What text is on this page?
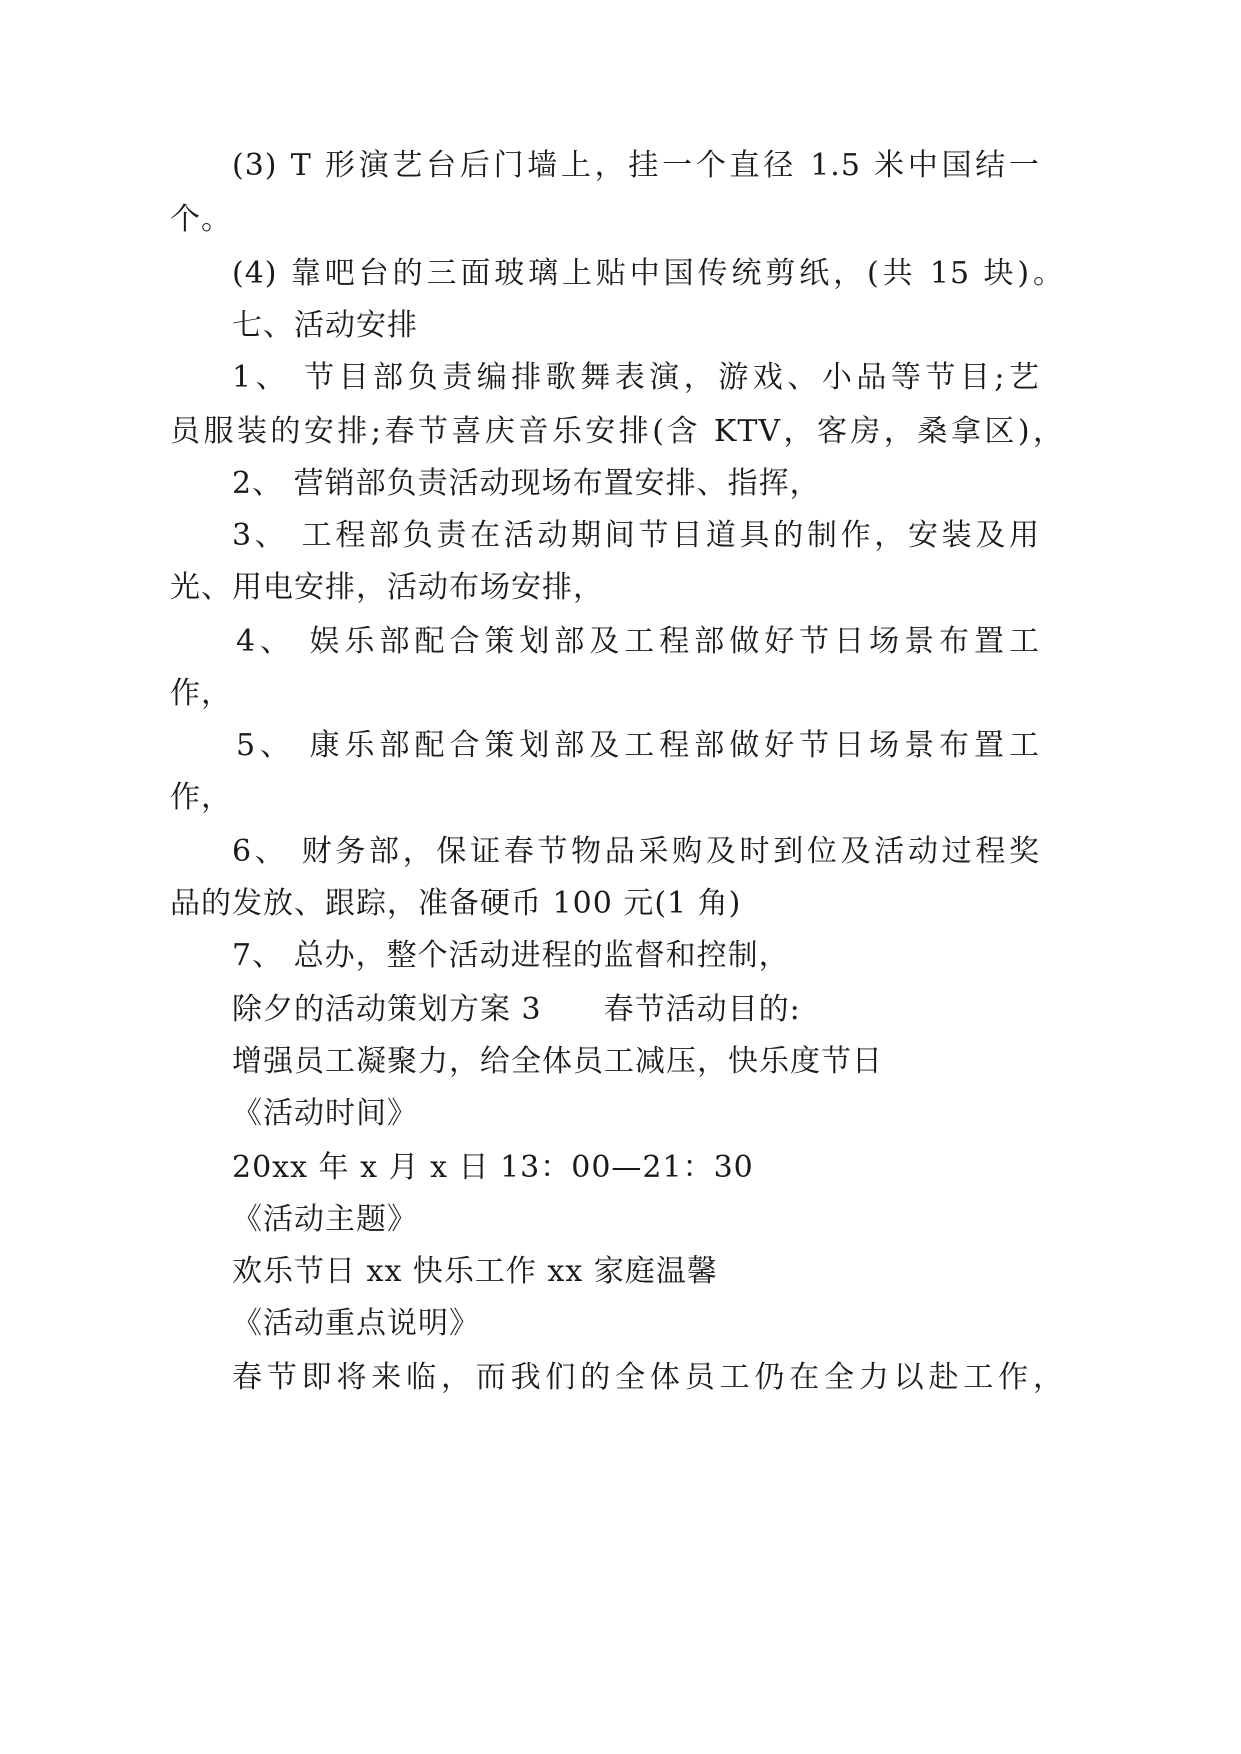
(3) T 形演艺台后门墙上，挂一个直径 1.5 米中国结一
个。
(4) 靠吧台的三面玻璃上贴中国传统剪纸，(共 15 块)。
七、活动安排
1、 节目部负责编排歌舞表演，游戏、小品等节目;艺
员服装的安排;春节喜庆音乐安排(含 KTV，客房，桑拿区)，
2、 营销部负责活动现场布置安排、指挥，
3、 工程部负责在活动期间节目道具的制作，安装及用
光、用电安排，活动布场安排，
4、 娱乐部配合策划部及工程部做好节日场景布置工
作，
5、 康乐部配合策划部及工程部做好节日场景布置工
作，
6、 财务部，保证春节物品采购及时到位及活动过程奖
品的发放、跟踪，准备硬币 100 元(1 角)
7、 总办，整个活动进程的监督和控制，
除夕的活动策划方案 3　　春节活动目的:
增强员工凝聚力，给全体员工减压，快乐度节日
《活动时间》
20xx 年 x 月 x 日 13：00—21：30
《活动主题》
欢乐节日 xx 快乐工作 xx 家庭温馨
《活动重点说明》
春节即将来临，而我们的全体员工仍在全力以赴工作，
